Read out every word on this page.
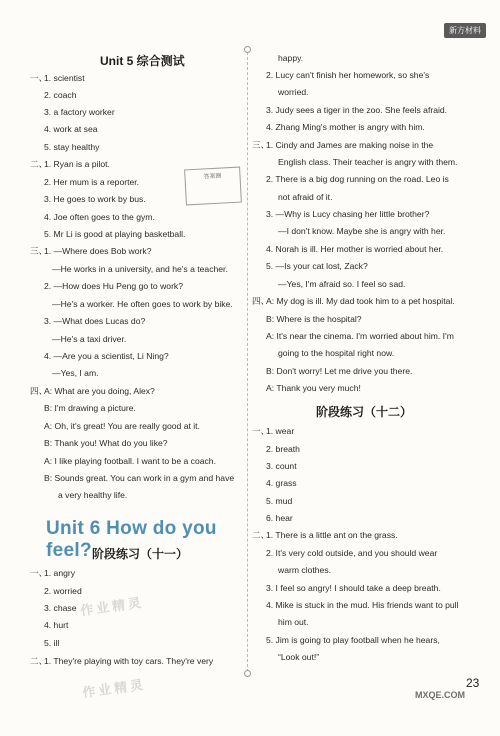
新方材料
Unit 5 综合测试
一、
1. scientist
2. coach
3. a factory worker
4. work at sea
5. stay healthy
二、
1. Ryan is a pilot.
2. Her mum is a reporter.
3. He goes to work by bus.
4. Joe often goes to the gym.
5. Mr Li is good at playing basketball.
三、
1. —Where does Bob work?
—He works in a university, and he's a teacher.
2. —How does Hu Peng go to work?
—He's a worker. He often goes to work by bike.
3. —What does Lucas do?
—He's a taxi driver.
4. —Are you a scientist, Li Ning?
—Yes, I am.
四、
A: What are you doing, Alex?
B: I'm drawing a picture.
A: Oh, it's great! You are really good at it.
B: Thank you! What do you like?
A: I like playing football. I want to be a coach.
B: Sounds great. You can work in a gym and have
a very healthy life.
Unit 6 How do you feel? 阶段练习（十一）
一、
1. angry
2. worried
3. chase
4. hurt
5. ill
二、
1. They're playing with toy cars. They're very
答案圈
作业精灵
作业精灵
happy.
2. Lucy can't finish her homework, so she's
worried.
3. Judy sees a tiger in the zoo. She feels afraid.
4. Zhang Ming's mother is angry with him.
三、
1. Cindy and James are making noise in the
English class. Their teacher is angry with them.
2. There is a big dog running on the road. Leo is
not afraid of it.
3. —Why is Lucy chasing her little brother?
—I don't know. Maybe she is angry with her.
4. Norah is ill. Her mother is worried about her.
5. —Is your cat lost, Zack?
—Yes, I'm afraid so. I feel so sad.
四、
A: My dog is ill. My dad took him to a pet hospital.
B: Where is the hospital?
A: It's near the cinema. I'm worried about him. I'm
going to the hospital right now.
B: Don't worry! Let me drive you there.
A: Thank you very much!
阶段练习（十二）
一、
1. wear
2. breath
3. count
4. grass
5. mud
6. hear
二、
1. There is a little ant on the grass.
2. It's very cold outside, and you should wear
warm clothes.
3. I feel so angry! I should take a deep breath.
4. Mike is stuck in the mud. His friends want to pull
him out.
5. Jim is going to play football when he hears,
“Look out!”
23
MXQE.COM
